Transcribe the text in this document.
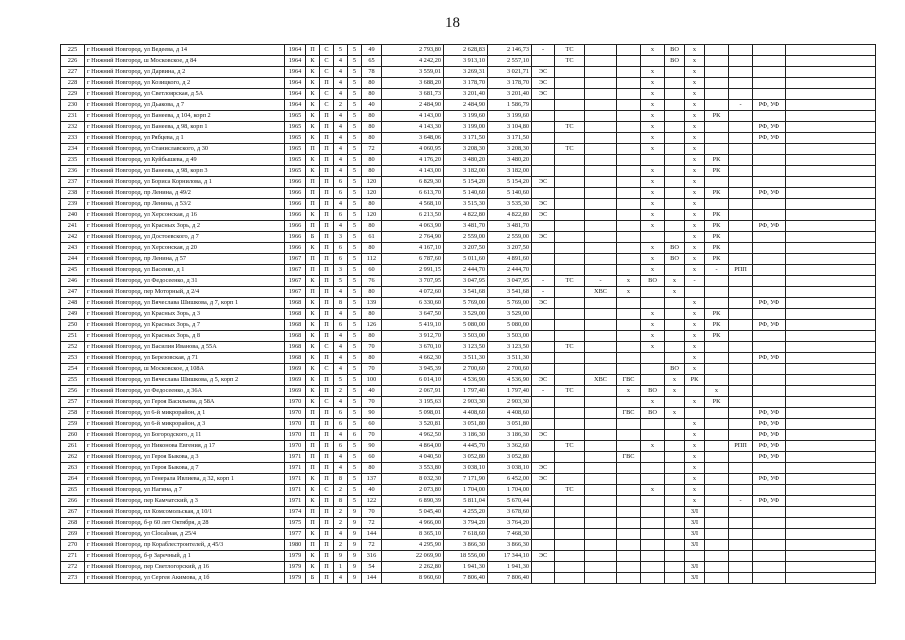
18
225	г Нижний Новгород, ул Ведеева, д 14	1964	П	С	5	5	49	2 793,80	2 628,83	2 146,73	-	ТС			х	ВО	х				
226	г Нижний Новгород, ш Московское, д 84	1964	К	С	4	5	65	4 242,20	3 913,10	2 557,10		ТС				ВО	х				
227	г Нижний Новгород, ул Дарвина, д 2	1964	К	С	4	5	78	3 559,01	3 269,31	3 021,71	ЭС				х		х				
228	г Нижний Новгород, ул Козицкого, д 2	1964	К	П	4	5	80	3 688,20	3 178,70	3 178,70	ЭС				х		х				
229	г Нижний Новгород, ул Светлоярская, д 5А	1964	К	С	4	5	80	3 681,73	3 201,40	3 201,40	ЭС				х		х				
230	г Нижний Новгород, ул Дьакова, д 7	1964	К	С	2	5	40	2 484,90	2 484,90	1 586,79					х		х		-	РФ, УФ	
231	г Нижний Новгород, ул Ванеева, д 104, корп 2	1965	К	П	4	5	80	4 143,00	3 199,60	3 199,60					х		х	РК			
232	г Нижний Новгород, ул Ванеева, д 98, корп 1	1965	К	П	4	5	80	4 143,30	3 199,00	3 104,80		ТС			х		х			РФ, УФ	
233	г Нижний Новгород, ул Рябцева, д 1	1965	К	П	4	5	80	3 648,06	3 171,50	3 171,50					х		х			РФ, УФ	
234	г Нижний Новгород, ул Станиславского, д 30	1965	П	П	4	5	72	4 060,95	3 208,30	3 208,30		ТС			х		х				
235	г Нижний Новгород, ул Куйбышева, д 49	1965	К	П	4	5	80	4 176,20	3 480,20	3 480,20							х	РК			
236	г Нижний Новгород, ул Ванеева, д 98, корп 3	1965	К	П	4	5	80	4 143,00	3 182,00	3 182,00					х		х	РК			
237	г Нижний Новгород, ул Бориса Корнилова, д 1	1966	П	П	6	5	120	6 829,30	5 154,20	5 154,20	ЭС				х		х				
238	г Нижний Новгород, пр Ленина, д 49/2	1966	П	П	6	5	120	6 613,70	5 140,60	5 140,60					х		х	РК		РФ, УФ	
239	г Нижний Новгород, пр Ленина, д 53/2	1966	П	П	4	5	80	4 568,10	3 515,30	3 535,30	ЭС				х		х				
240	г Нижний Новгород, ул Херсонская, д 16	1966	К	П	6	5	120	6 213,50	4 822,80	4 822,80	ЭС				х		х	РК			
241	г Нижний Новгород, ул Красных Зорь, д 2	1966	П	П	4	5	80	4 063,90	3 481,70	3 481,70					х		х	РК		РФ, УФ	
242	г Нижний Новгород, ул Достоевского, д 7	1966	Б	П	3	5	61	2 764,90	2 559,00	2 559,00	ЭС						х	РК			
243	г Нижний Новгород, ул Херсонская, д 20	1966	К	П	6	5	80	4 167,10	3 207,50	3 207,50					х	ВО	х	РК			
244	г Нижний Новгород, пр Ленина, д 57	1967	П	П	6	5	112	6 787,60	5 011,60	4 891,60					х	ВО	х	РК			
245	г Нижний Новгород, ул Васенко, д 1	1967	П	П	3	5	60	2 991,15	2 444,70	2 444,70					х		х	-	РПП		
246	г Нижний Новгород, ул Федосеенко, д 31	1967	К	П	5	5	76	3 707,95	3 047,95	3 047,95	-	ТС	-	х	ВО	х	-				
247	г Нижний Новгород, пер Моторный, д 2/4	1967	П	П	4	5	80	4 072,60	3 541,68	3 541,68	-		ХВС	х		х					
248	г Нижний Новгород, ул Вячеслава Шишкова, д 7, корп 1	1968	К	П	8	5	139	6 330,60	5 769,00	5 769,00	ЭС						х			РФ, УФ	
249	г Нижний Новгород, ул Красных Зорь, д 3	1968	К	П	4	5	80	3 647,50	3 529,00	3 529,00					х		х	РК			
250	г Нижний Новгород, ул Красных Зорь, д 7	1968	К	П	6	5	126	5 419,10	5 080,00	5 080,00					х		х	РК		РФ, УФ	
251	г Нижний Новгород, ул Красных Зорь, д 8	1968	К	П	4	5	80	3 912,70	3 503,00	3 503,00					х		х	РК			
252	г Нижний Новгород, ул Василия Иванова, д 55А	1968	К	С	4	5	70	3 670,10	3 123,50	3 123,50		ТС			х		х				
253	г Нижний Новгород, ул Березовская, д 71	1968	К	П	4	5	80	4 662,30	3 511,30	3 511,30							х			РФ, УФ	
254	г Нижний Новгород, ш Московское, д 108А	1969	К	С	4	5	70	3 945,39	2 700,60	2 700,60						ВО	х				
255	г Нижний Новгород, ул Вячеслава Шишкова, д 5, корп 2	1969	К	П	5	5	100	6 014,10	4 536,90	4 536,90	ЭС		ХВС	ГВС		х	РК				
256	г Нижний Новгород, ул Федосеенко, д 36А	1969	К	П	2	5	40	2 067,91	1 797,40	1 797,40	-	ТС		х	ВО	х		х			
257	г Нижний Новгород, ул Героя Васильева, д 58А	1970	К	С	4	5	70	3 195,63	2 903,30	2 903,30					х		х	РК			
258	г Нижний Новгород, ул 6-й микрорайон, д 1	1970	П	П	6	5	90	5 098,01	4 408,60	4 408,60				ГВС	ВО	х				РФ, УФ	
259	г Нижний Новгород, ул 6-й микрорайон, д 3	1970	П	П	6	5	60	3 520,81	3 051,80	3 051,80							х			РФ, УФ	
260	г Нижний Новгород, ул Богородского, д 11	1970	П	П	4	6	70	4 962,50	3 186,30	3 186,30	ЭС						х			РФ, УФ	
261	г Нижний Новгород, ул Никонова Евгения, д 17	1970	П	П	6	5	90	4 864,00	4 445,70	3 362,60		ТС			х		х		РПП	РФ, УФ	
262	г Нижний Новгород, ул Героя Быкова, д 3	1971	П	П	4	5	60	4 040,50	3 052,80	3 052,80				ГВС			х			РФ, УФ	
263	г Нижний Новгород, ул Героя Быкова, д 7	1971	П	П	4	5	80	3 553,80	3 038,10	3 038,10	ЭС						х				
264	г Нижний Новгород, ул Генерала Ивлиева, д 32, корп 1	1971	К	П	8	5	137	8 032,30	7 171,90	6 452,00	ЭС						х			РФ, УФ	
265	г Нижний Новгород, ул Нагина, д 7	1971	К	С	2	5	40	2 073,80	1 704,00	1 704,00		ТС			х		х				
266	г Нижний Новгород, пер Камчатский, д 3	1971	К	П	8	5	122	6 890,39	5 811,04	5 670,44							х		-	РФ, УФ	
267	г Нижний Новгород, пл Комсомольская, д 10/1	1974	П	П	2	9	70	5 045,40	4 255,20	3 678,60							ЗЛ				
268	г Нижний Новгород, б-р 60 лет Октября, д 28	1975	П	П	2	9	72	4 966,00	3 794,20	3 764,20							ЗЛ				
269	г Нижний Новгород, ул Сlocalная, д 25/4	1977	К	П	4	9	144	8 365,10	7 618,60	7 468,30							ЗЛ				
270	г Нижний Новгород, пр Кораблестроителей, д 45/3	1980	П	П	2	9	72	4 295,90	3 866,30	3 866,30							ЗЛ				
271	г Нижний Новгород, б-р Заречный, д 1	1979	К	П	9	9	316	22 069,90	18 556,00	17 344,10	ЭС										
272	г Нижний Новгород, пер Светлогорский, д 16	1979	К	П	1	9	54	2 262,80	1 941,30	1 941,30							ЗЛ				
273	г Нижний Новгород, ул Сергея Акимова, д 1б	1979	Б	П	4	9	144	8 960,60	7 806,40	7 806,40							ЗЛ				
